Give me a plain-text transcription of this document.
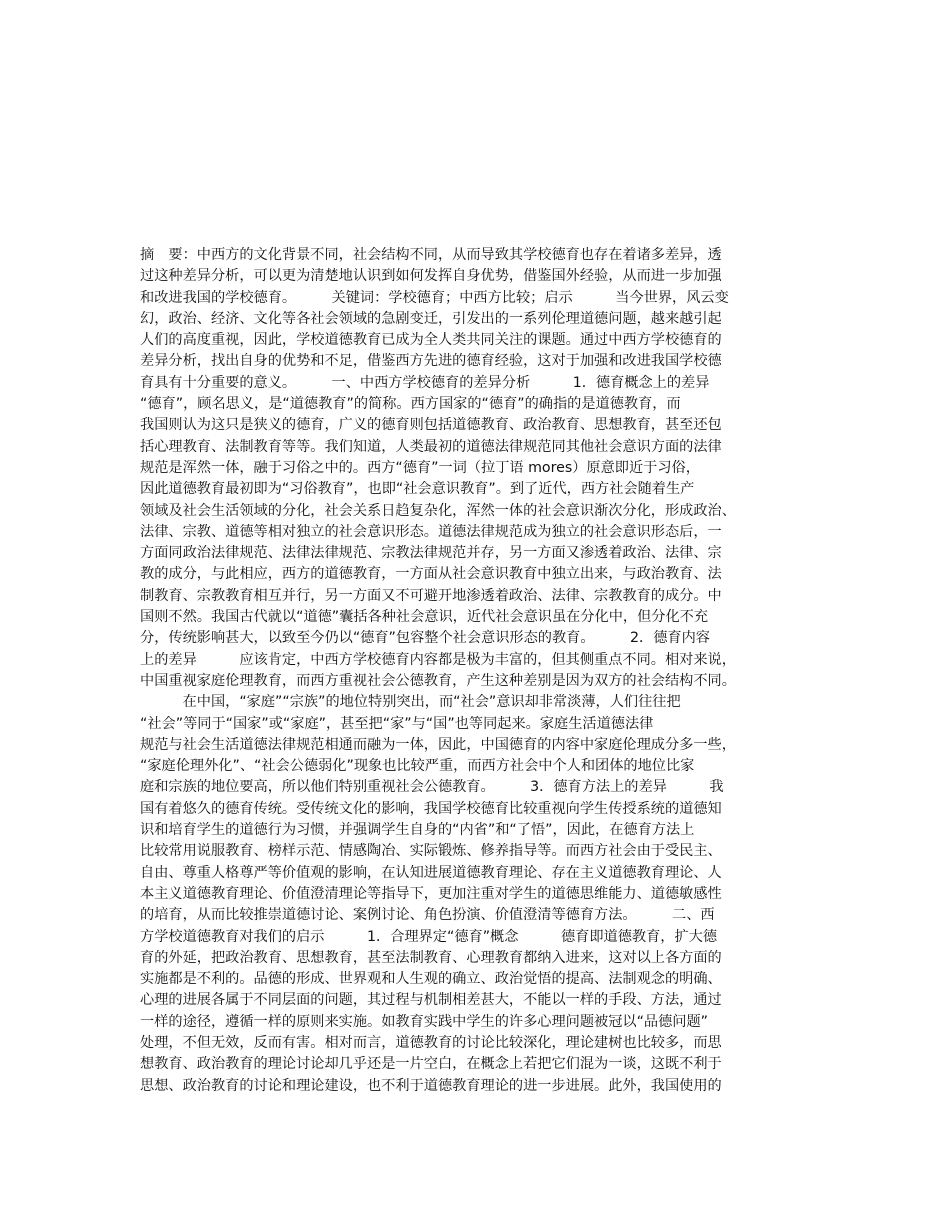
摘　要：中西方的文化背景不同，社会结构不同，从而导致其学校德育也存在着诸多差异，透
过这种差异分析，可以更为清楚地认识到如何发挥自身优势，借鉴国外经验，从而进一步加强
和改进我国的学校德育。　　　关键词：学校德育；中西方比较；启示　　　当今世界，风云变
幻，政治、经济、文化等各社会领域的急剧变迁，引发出的一系列伦理道德问题，越来越引起
人们的高度重视，因此，学校道德教育已成为全人类共同关注的课题。通过中西方学校德育的
差异分析，找出自身的优势和不足，借鉴西方先进的德育经验，这对于加强和改进我国学校德
育具有十分重要的意义。　　　一、中西方学校德育的差异分析　　　1．德育概念上的差异
“德育”，顾名思义，是“道德教育”的简称。西方国家的“德育”的确指的是道德教育，而
我国则认为这只是狭义的德育，广义的德育则包括道德教育、政治教育、思想教育，甚至还包
括心理教育、法制教育等等。我们知道，人类最初的道德法律规范同其他社会意识方面的法律
规范是浑然一体，融于习俗之中的。西方“德育”一词（拉丁语 mores）原意即近于习俗，
因此道德教育最初即为“习俗教育”，也即“社会意识教育”。到了近代，西方社会随着生产
领域及社会生活领域的分化，社会关系日趋复杂化，浑然一体的社会意识渐次分化，形成政治、
法律、宗教、道德等相对独立的社会意识形态。道德法律规范成为独立的社会意识形态后，一
方面同政治法律规范、法律法律规范、宗教法律规范并存，另一方面又渗透着政治、法律、宗
教的成分，与此相应，西方的道德教育，一方面从社会意识教育中独立出来，与政治教育、法
制教育、宗教教育相互并行，另一方面又不可避开地渗透着政治、法律、宗教教育的成分。中
国则不然。我国古代就以“道德”囊括各种社会意识，近代社会意识虽在分化中，但分化不充
分，传统影响甚大，以致至今仍以“德育”包容整个社会意识形态的教育。　　　2．德育内容
上的差异　　　应该肯定，中西方学校德育内容都是极为丰富的，但其侧重点不同。相对来说，
中国重视家庭伦理教育，而西方重视社会公德教育，产生这种差别是因为双方的社会结构不同。
　　　在中国，“家庭”“宗族”的地位特别突出，而“社会”意识却非常淡薄，人们往往把
“社会”等同于“国家”或“家庭”，甚至把“家”与“国”也等同起来。家庭生活道德法律
规范与社会生活道德法律规范相通而融为一体，因此，中国德育的内容中家庭伦理成分多一些，
“家庭伦理外化”、“社会公德弱化”现象也比较严重，而西方社会中个人和团体的地位比家
庭和宗族的地位要高，所以他们特别重视社会公德教育。　　　3．德育方法上的差异　　　我
国有着悠久的德育传统。受传统文化的影响，我国学校德育比较重视向学生传授系统的道德知
识和培育学生的道德行为习惯，并强调学生自身的“内省”和“了悟”，因此，在德育方法上
比较常用说服教育、榜样示范、情感陶冶、实际锻炼、修养指导等。而西方社会由于受民主、
自由、尊重人格尊严等价值观的影响，在认知进展道德教育理论、存在主义道德教育理论、人
本主义道德教育理论、价值澄清理论等指导下，更加注重对学生的道德思维能力、道德敏感性
的培育，从而比较推崇道德讨论、案例讨论、角色扮演、价值澄清等德育方法。　　　二、西
方学校道德教育对我们的启示　　　1．合理界定“德育”概念　　　德育即道德教育，扩大德
育的外延，把政治教育、思想教育，甚至法制教育、心理教育都纳入进来，这对以上各方面的
实施都是不利的。品德的形成、世界观和人生观的确立、政治觉悟的提高、法制观念的明确、
心理的进展各属于不同层面的问题，其过程与机制相差甚大，不能以一样的手段、方法，通过
一样的途径，遵循一样的原则来实施。如教育实践中学生的许多心理问题被冠以“品德问题”
处理，不但无效，反而有害。相对而言，道德教育的讨论比较深化，理论建树也比较多，而思
想教育、政治教育的理论讨论却几乎还是一片空白，在概念上若把它们混为一谈，这既不利于
思想、政治教育的讨论和理论建设，也不利于道德教育理论的进一步进展。此外，我国使用的
